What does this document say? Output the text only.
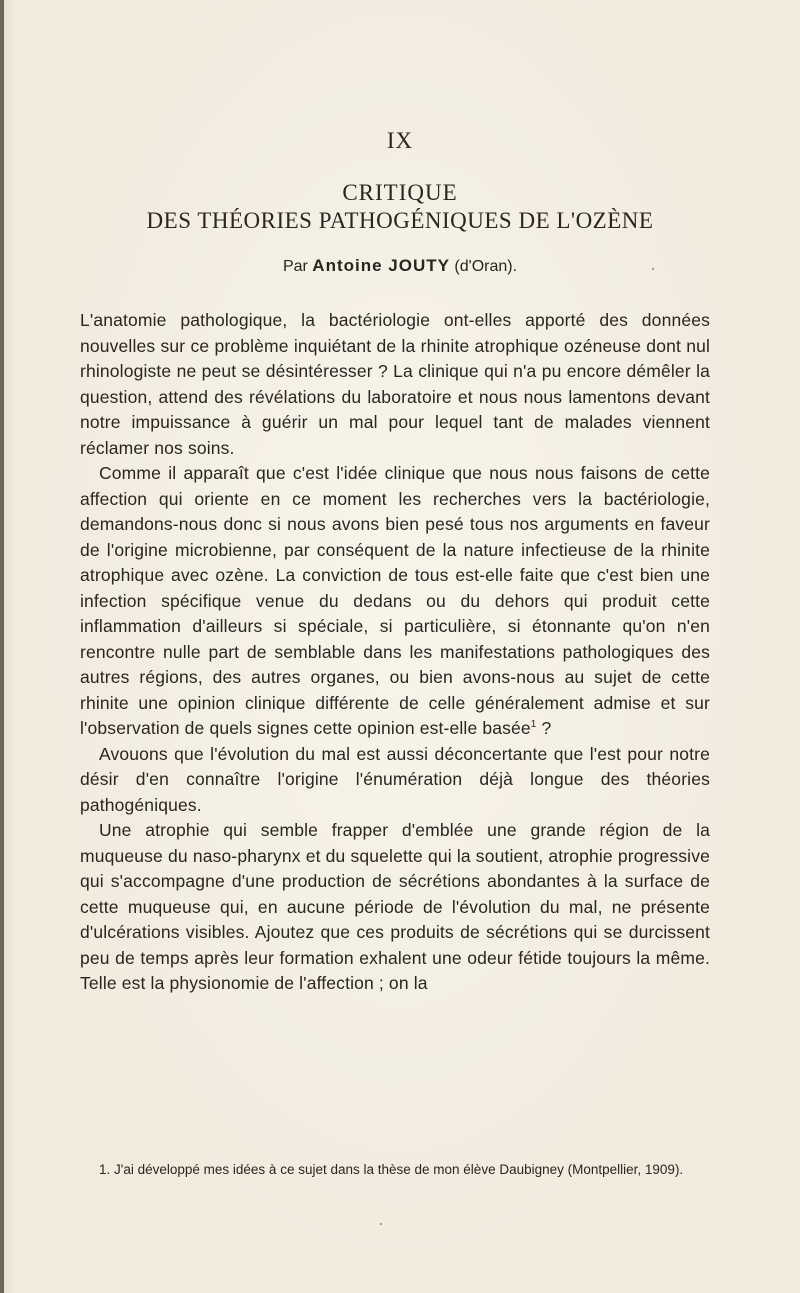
IX
CRITIQUE
DES THÉORIES PATHOGÉNIQUES DE L'OZÈNE
Par Antoine JOUTY (d'Oran).

L'anatomie pathologique, la bactériologie ont-elles apporté des données nouvelles sur ce problème inquiétant de la rhinite atrophique ozéneuse dont nul rhinologiste ne peut se désintéresser ? La clinique qui n'a pu encore démêler la question, attend des révélations du laboratoire et nous nous lamentons devant notre impuissance à guérir un mal pour lequel tant de malades viennent réclamer nos soins.

Comme il apparaît que c'est l'idée clinique que nous nous faisons de cette affection qui oriente en ce moment les recherches vers la bactériologie, demandons-nous donc si nous avons bien pesé tous nos arguments en faveur de l'origine microbienne, par conséquent de la nature infectieuse de la rhinite atrophique avec ozène. La conviction de tous est-elle faite que c'est bien une infection spécifique venue du dedans ou du dehors qui produit cette inflammation d'ailleurs si spéciale, si particulière, si étonnante qu'on n'en rencontre nulle part de semblable dans les manifestations pathologiques des autres régions, des autres organes, ou bien avons-nous au sujet de cette rhinite une opinion clinique différente de celle généralement admise et sur l'observation de quels signes cette opinion est-elle basée$^1$ ?

Avouons que l'évolution du mal est aussi déconcertante que l'est pour notre désir d'en connaître l'origine l'énumération déjà longue des théories pathogéniques.

Une atrophie qui semble frapper d'emblée une grande région de la muqueuse du naso-pharynx et du squelette qui la soutient, atrophie progressive qui s'accompagne d'une production de sécrétions abondantes à la surface de cette muqueuse qui, en aucune période de l'évolution du mal, ne présente d'ulcérations visibles. Ajoutez que ces produits de sécrétions qui se durcissent peu de temps après leur formation exhalent une odeur fétide toujours la même. Telle est la physionomie de l'affection ; on la

1. J'ai développé mes idées à ce sujet dans la thèse de mon élève Daubigney (Montpellier, 1909).
